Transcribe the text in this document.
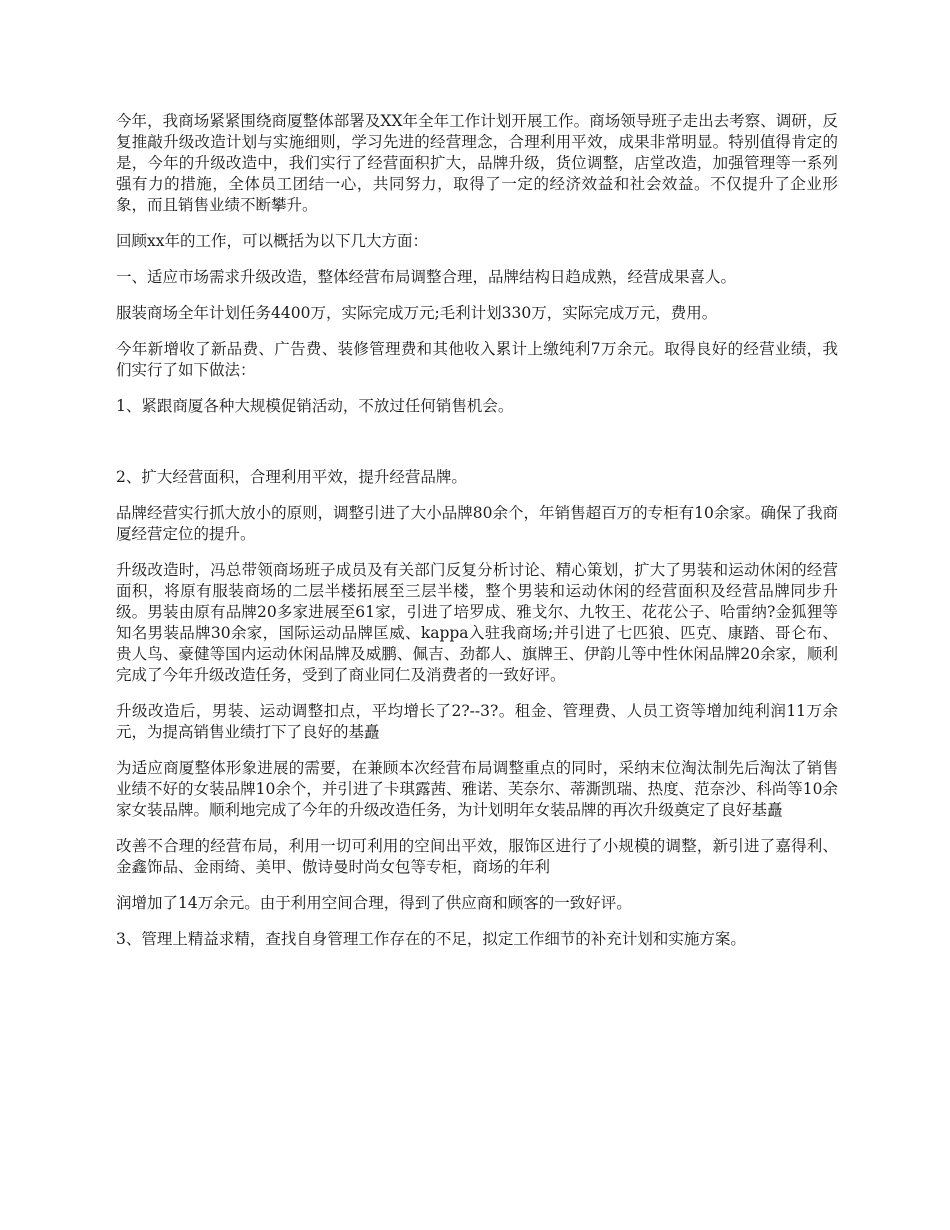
今年，我商场紧紧围绕商厦整体部署及XX年全年工作计划开展工作。商场领导班子走出去考察、调研，反复推敲升级改造计划与实施细则，学习先进的经营理念，合理利用平效，成果非常明显。特别值得肯定的是，今年的升级改造中，我们实行了经营面积扩大，品牌升级，货位调整，店堂改造，加强管理等一系列强有力的措施，全体员工团结一心，共同努力，取得了一定的经济效益和社会效益。不仅提升了企业形象，而且销售业绩不断攀升。

回顾xx年的工作，可以概括为以下几大方面：

一、适应市场需求升级改造，整体经营布局调整合理，品牌结构日趋成熟，经营成果喜人。

服装商场全年计划任务4400万，实际完成万元;毛利计划330万，实际完成万元，费用。

今年新增收了新品费、广告费、装修管理费和其他收入累计上缴纯利7万余元。取得良好的经营业绩，我们实行了如下做法：

1、紧跟商厦各种大规模促销活动，不放过任何销售机会。

2、扩大经营面积，合理利用平效，提升经营品牌。

品牌经营实行抓大放小的原则，调整引进了大小品牌80余个，年销售超百万的专柜有10余家。确保了我商厦经营定位的提升。

升级改造时，冯总带领商场班子成员及有关部门反复分析讨论、精心策划，扩大了男装和运动休闲的经营面积，将原有服装商场的二层半楼拓展至三层半楼，整个男装和运动休闲的经营面积及经营品牌同步升级。男装由原有品牌20多家进展至61家，引进了培罗成、雅戈尔、九牧王、花花公子、哈雷纳?金狐狸等知名男装品牌30余家，国际运动品牌匡威、kappa入驻我商场;并引进了七匹狼、匹克、康踏、哥仑布、贵人鸟、豪健等国内运动休闲品牌及威鹏、佩吉、劲都人、旗牌王、伊韵儿等中性休闲品牌20余家，顺利完成了今年升级改造任务，受到了商业同仁及消费者的一致好评。

升级改造后，男装、运动调整扣点，平均增长了2?--3?。租金、管理费、人员工资等增加纯利润11万余元，为提高销售业绩打下了良好的基矗

为适应商厦整体形象进展的需要，在兼顾本次经营布局调整重点的同时，采纳末位淘汰制先后淘汰了销售业绩不好的女装品牌10余个，并引进了卡琪露茜、雅诺、芙奈尔、蒂澌凯瑞、热度、范奈沙、科尚等10余家女装品牌。顺利地完成了今年的升级改造任务，为计划明年女装品牌的再次升级奠定了良好基矗

改善不合理的经营布局，利用一切可利用的空间出平效，服饰区进行了小规模的调整，新引进了嘉得利、金鑫饰品、金雨绮、美甲、傲诗曼时尚女包等专柜，商场的年利

润增加了14万余元。由于利用空间合理，得到了供应商和顾客的一致好评。

3、管理上精益求精，查找自身管理工作存在的不足，拟定工作细节的补充计划和实施方案。
